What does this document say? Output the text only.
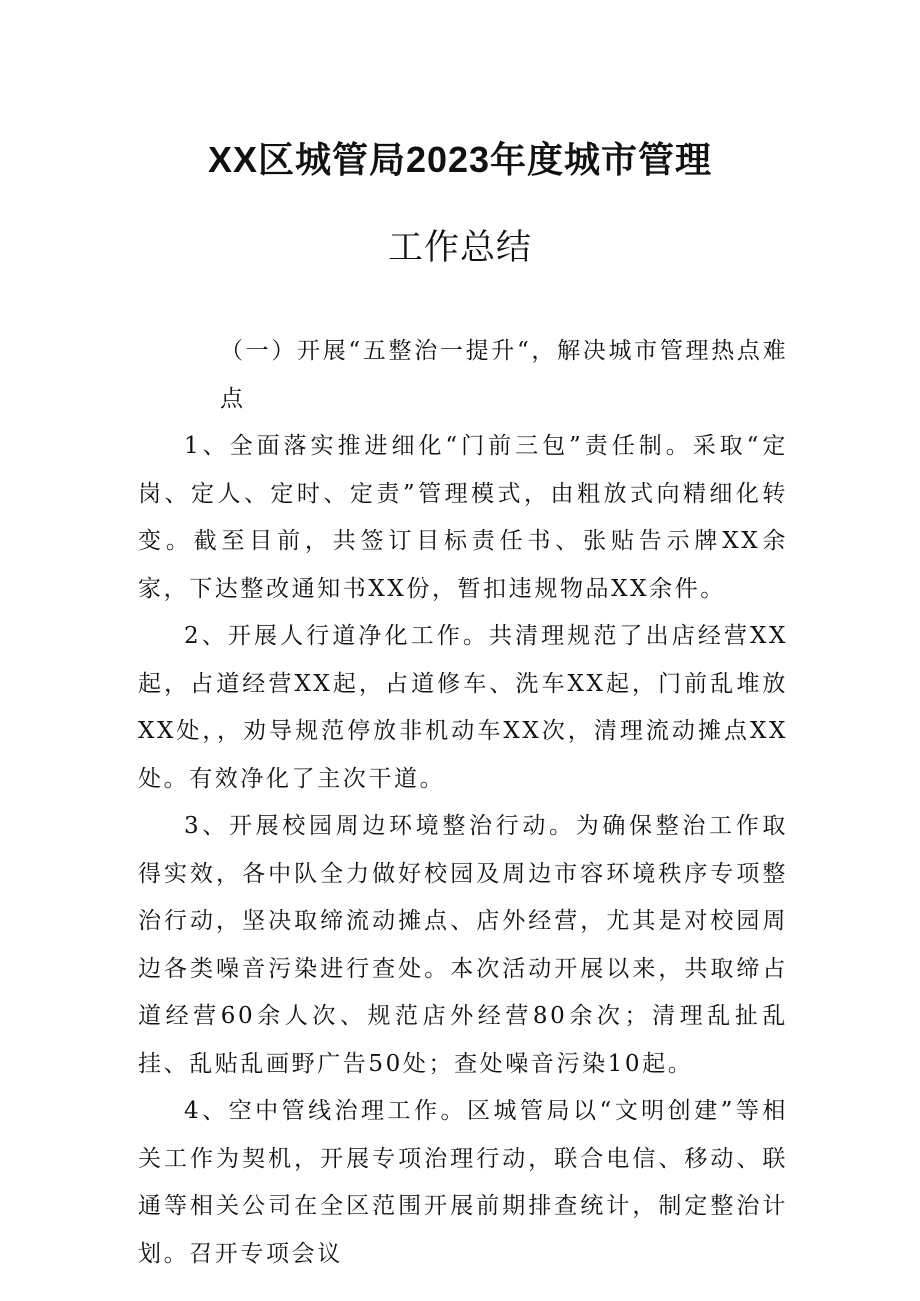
XX区城管局2023年度城市管理
工作总结

（一）开展“五整治一提升“，解决城市管理热点难点

1、全面落实推进细化“门前三包”责任制。采取“定岗、定人、定时、定责”管理模式，由粗放式向精细化转变。截至目前，共签订目标责任书、张贴告示牌XX余家，下达整改通知书XX份，暂扣违规物品XX余件。

2、开展人行道净化工作。共清理规范了出店经营XX起，占道经营XX起，占道修车、洗车XX起，门前乱堆放XX处，，劝导规范停放非机动车XX次，清理流动摊点XX处。有效净化了主次干道。

3、开展校园周边环境整治行动。为确保整治工作取得实效，各中队全力做好校园及周边市容环境秩序专项整治行动，坚决取缔流动摊点、店外经营，尤其是对校园周边各类噪音污染进行查处。本次活动开展以来，共取缔占道经营60余人次、规范店外经营80余次；清理乱扯乱挂、乱贴乱画野广告50处；查处噪音污染10起。

4、空中管线治理工作。区城管局以“文明创建”等相关工作为契机，开展专项治理行动，联合电信、移动、联通等相关公司在全区范围开展前期排查统计，制定整治计划。召开专项会议
